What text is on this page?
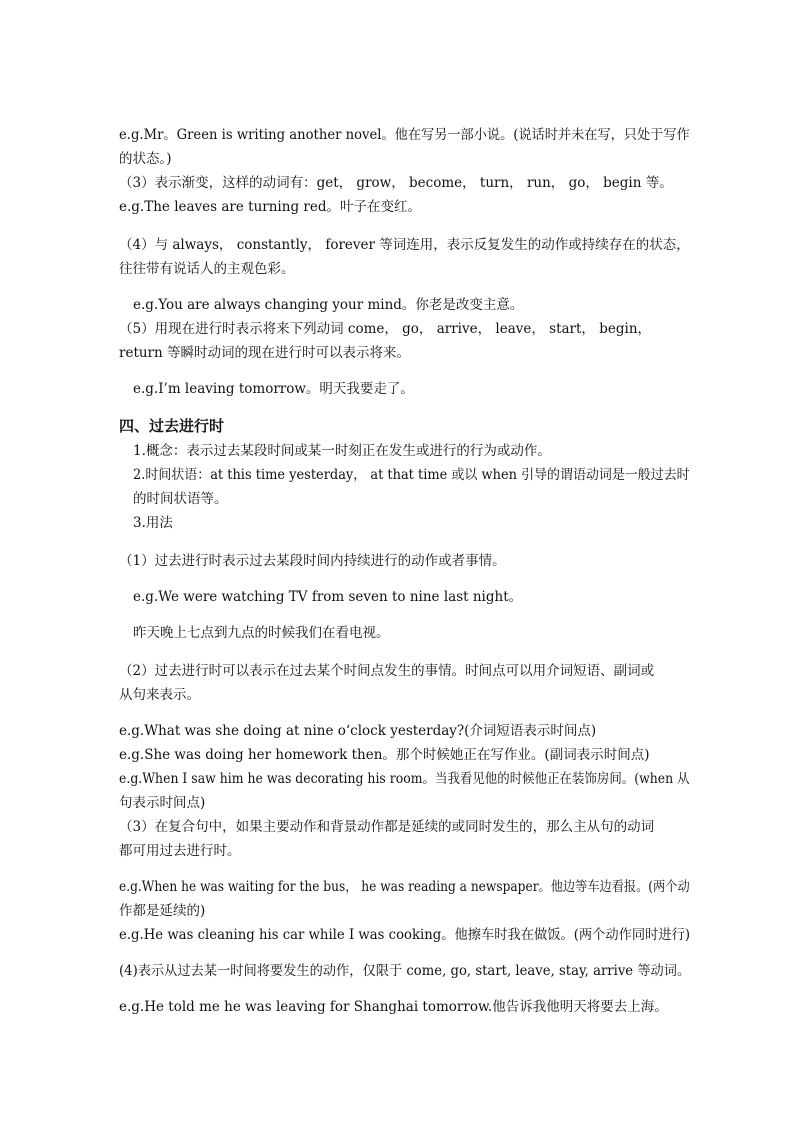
e.g.Mr。Green is writing another novel。他在写另一部小说。(说话时并未在写，只处于写作
的状态。)
（3）表示渐变，这样的动词有：get， grow， become， turn， run， go， begin 等。
e.g.The leaves are turning red。叶子在变红。
（4）与 always， constantly， forever 等词连用，表示反复发生的动作或持续存在的状态，
往往带有说话人的主观色彩。
e.g.You are always changing your mind。你老是改变主意。
（5）用现在进行时表示将来下列动词 come， go， arrive， leave， start， begin，
return 等瞬时动词的现在进行时可以表示将来。
e.g.I’m leaving tomorrow。明天我要走了。
四、过去进行时
1.概念：表示过去某段时间或某一时刻正在发生或进行的行为或动作。
2.时间状语：at this time yesterday， at that time 或以 when 引导的谓语动词是一般过去时
的时间状语等。
3.用法
（1）过去进行时表示过去某段时间内持续进行的动作或者事情。
e.g.We were watching TV from seven to nine last night。
昨天晚上七点到九点的时候我们在看电视。
（2）过去进行时可以表示在过去某个时间点发生的事情。时间点可以用介词短语、副词或
从句来表示。
e.g.What was she doing at nine o‘clock yesterday?(介词短语表示时间点)
e.g.She was doing her homework then。那个时候她正在写作业。(副词表示时间点)
e.g.When I saw him he was decorating his room。当我看见他的时候他正在装饰房间。(when 从
句表示时间点)
（3）在复合句中，如果主要动作和背景动作都是延续的或同时发生的，那么主从句的动词
都可用过去进行时。
e.g.When he was waiting for the bus， he was reading a newspaper。他边等车边看报。(两个动
作都是延续的)
e.g.He was cleaning his car while I was cooking。他擦车时我在做饭。(两个动作同时进行)
(4)表示从过去某一时间将要发生的动作，仅限于 come, go, start, leave, stay, arrive 等动词。
e.g.He told me he was leaving for Shanghai tomorrow.他告诉我他明天将要去上海。
